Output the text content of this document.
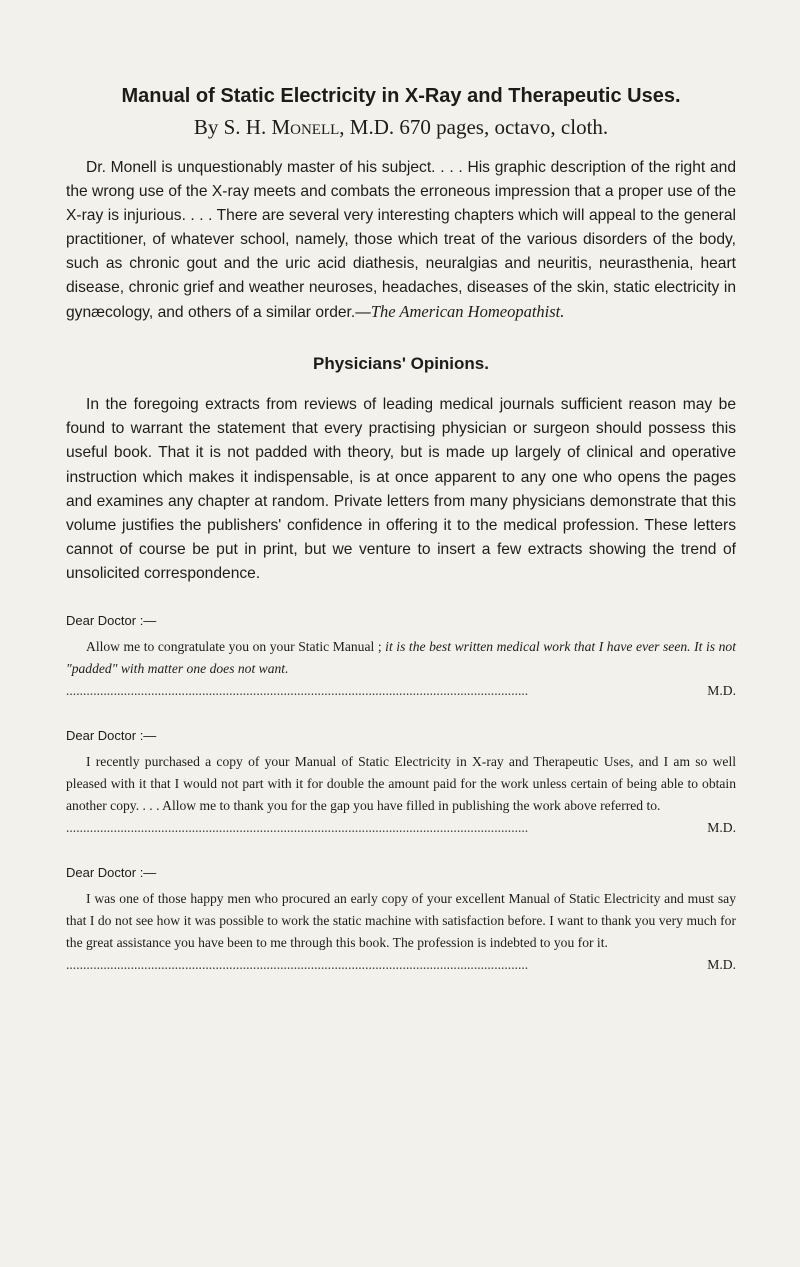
Manual of Static Electricity in X-Ray and Therapeutic Uses.

By S. H. Monell, M.D. 670 pages, octavo, cloth.

Dr. Monell is unquestionably master of his subject. . . . His graphic description of the right and the wrong use of the X-ray meets and combats the erroneous impression that a proper use of the X-ray is injurious. . . . There are several very interesting chapters which will appeal to the general practitioner, of whatever school, namely, those which treat of the various disorders of the body, such as chronic gout and the uric acid diathesis, neuralgias and neuritis, neurasthenia, heart disease, chronic grief and weather neuroses, headaches, diseases of the skin, static electricity in gynæcology, and others of a similar order.—The American Homeopathist.

Physicians' Opinions.

In the foregoing extracts from reviews of leading medical journals sufficient reason may be found to warrant the statement that every practising physician or surgeon should possess this useful book. That it is not padded with theory, but is made up largely of clinical and operative instruction which makes it indispensable, is at once apparent to any one who opens the pages and examines any chapter at random. Private letters from many physicians demonstrate that this volume justifies the publishers' confidence in offering it to the medical profession. These letters cannot of course be put in print, but we venture to insert a few extracts showing the trend of unsolicited correspondence.

Dear Doctor :—

Allow me to congratulate you on your Static Manual ; it is the best written medical work that I have ever seen. It is not "padded" with matter one does not want.

........................................................................................................................................	M.D.

Dear Doctor :—

I recently purchased a copy of your Manual of Static Electricity in X-ray and Therapeutic Uses, and I am so well pleased with it that I would not part with it for double the amount paid for the work unless certain of being able to obtain another copy. . . . Allow me to thank you for the gap you have filled in publishing the work above referred to.

........................................................................................................................................	M.D.

Dear Doctor :—

I was one of those happy men who procured an early copy of your excellent Manual of Static Electricity and must say that I do not see how it was possible to work the static machine with satisfaction before. I want to thank you very much for the great assistance you have been to me through this book. The profession is indebted to you for it.

........................................................................................................................................	M.D.
